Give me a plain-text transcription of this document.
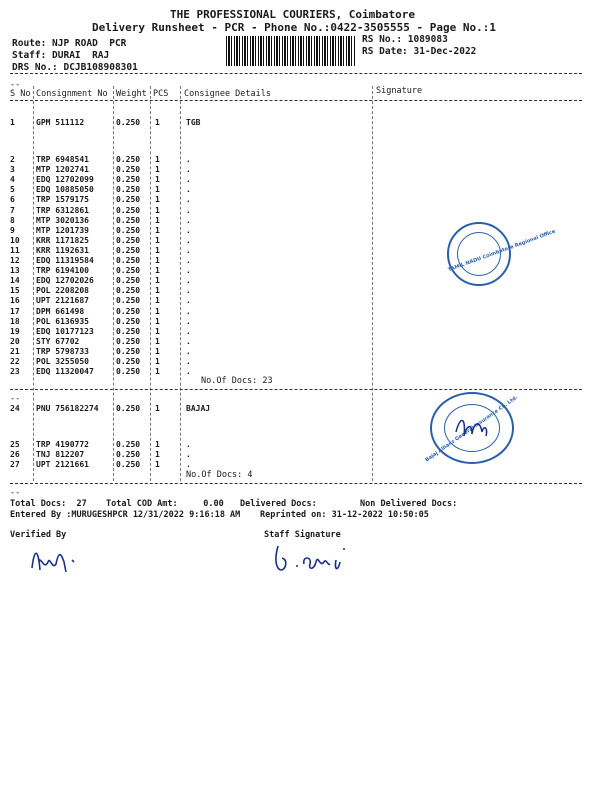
THE PROFESSIONAL COURIERS, Coimbatore
Delivery Runsheet - PCR - Phone No.:0422-3505555 - Page No.:1
Route: NJP ROAD  PCR
Staff: DURAI  RAJ
DRS No.: DCJB108908301
RS No.: 1089083
RS Date: 31-Dec-2022
--
S No Consignment No Weight PCS Consignee Details	Signature
1	GPM 511112	0.250 1	TGB
2	TRP 6948541	0.250 1	.
3	MTP 1202741	0.250 1	.
4	EDQ 12702099	0.250 1	.
5	EDQ 10885050	0.250 1	.
6	TRP 1579175	0.250 1	.
7	TRP 6312861	0.250 1	.
8	MTP 3020136	0.250 1	.
9	MTP 1201739	0.250 1	.
10 KRR 1171825	0.250 1	.
11 KRR 1192631	0.250 1	.
12 EDQ 11319584	0.250 1	.
13 TRP 6194100	0.250 1	.
14 EDQ 12702026	0.250 1	.
15 POL 2208208	0.250 1	.
16 UPT 2121687	0.250 1	.
17 DPM 661498	0.250 1	.
18 POL 6136935	0.250 1	.
19 EDQ 10177123	0.250 1	.
20 STY 67702	0.250 1	.
21 TRP 5798733	0.250 1	.
22 POL 3255050	0.250 1	.
23 EDQ 11320047	0.250 1	.
24 PNU 756182274 0.250 1	BAJAJ
25 TRP 4190772	0.250 1	.
26 TNJ 812207	0.250 1	.
27 UPT 2121661	0.250 1	.
No.Of Docs: 23
--
No.Of Docs: 4
--
Total Docs:  27 Total COD Amt:     0.00 Delivered Docs:	Non Delivered Docs:
Entered By :MURUGESHPCR 12/31/2022 9:16:18 AM Reprinted on: 31-12-2022 10:50:05
Verified By	Staff Signature
TAMIL NADU Coimbatore Regional Office
Bajaj Allianz General Insurance Co. Ltd.
